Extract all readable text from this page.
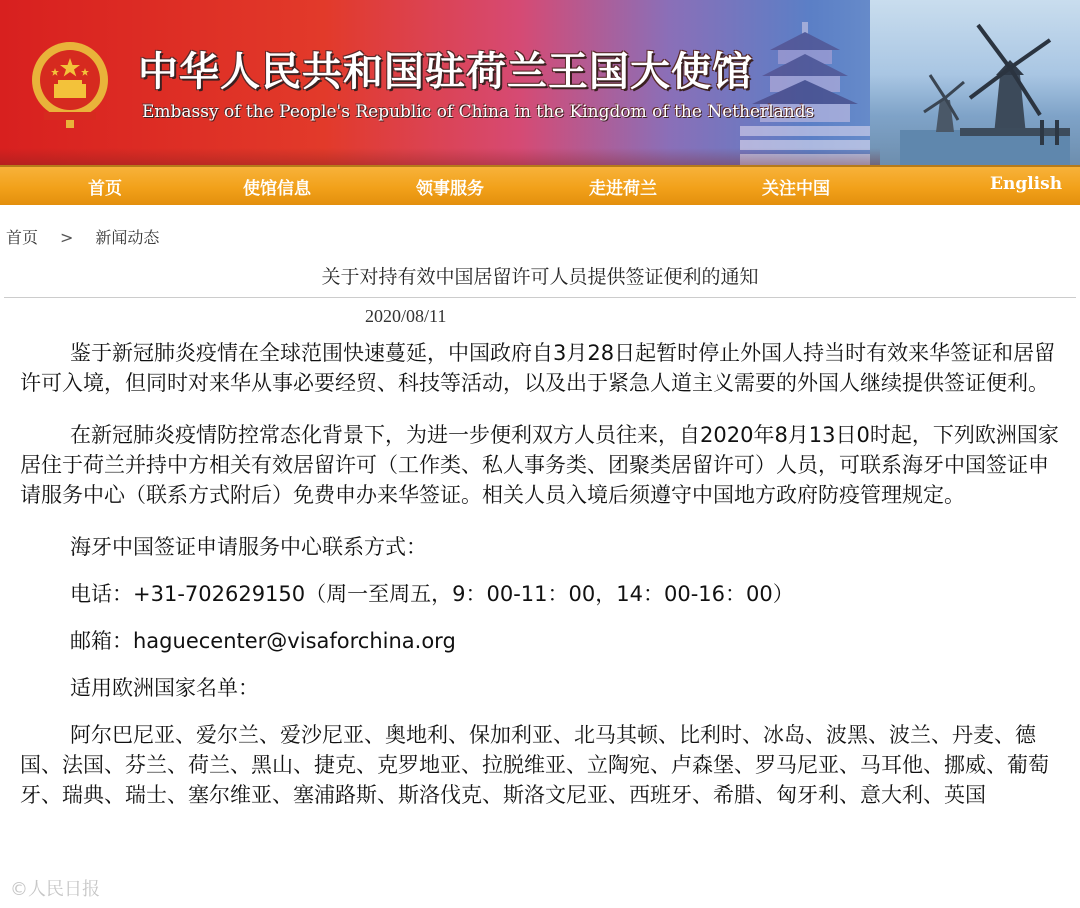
中华人民共和国驻荷兰王国大使馆
Embassy of the People's Republic of China in the Kingdom of the Netherlands
首页	使馆信息	领事服务	走进荷兰	关注中国	English
首页 > 新闻动态
关于对持有效中国居留许可人员提供签证便利的通知
2020/08/11

鉴于新冠肺炎疫情在全球范围快速蔓延，中国政府自3月28日起暂时停止外国人持当时有效来华签证和居留许可入境，但同时对来华从事必要经贸、科技等活动，以及出于紧急人道主义需要的外国人继续提供签证便利。

在新冠肺炎疫情防控常态化背景下，为进一步便利双方人员往来，自2020年8月13日0时起，下列欧洲国家居住于荷兰并持中方相关有效居留许可（工作类、私人事务类、团聚类居留许可）人员，可联系海牙中国签证申请服务中心（联系方式附后）免费申办来华签证。相关人员入境后须遵守中国地方政府防疫管理规定。

海牙中国签证申请服务中心联系方式：

电话：+31-702629150（周一至周五，9：00-11：00，14：00-16：00）

邮箱：haguecenter@visaforchina.org

适用欧洲国家名单：

阿尔巴尼亚、爱尔兰、爱沙尼亚、奥地利、保加利亚、北马其顿、比利时、冰岛、波黑、波兰、丹麦、德国、法国、芬兰、荷兰、黑山、捷克、克罗地亚、拉脱维亚、立陶宛、卢森堡、罗马尼亚、马耳他、挪威、葡萄牙、瑞典、瑞士、塞尔维亚、塞浦路斯、斯洛伐克、斯洛文尼亚、西班牙、希腊、匈牙利、意大利、英国

©人民日报
